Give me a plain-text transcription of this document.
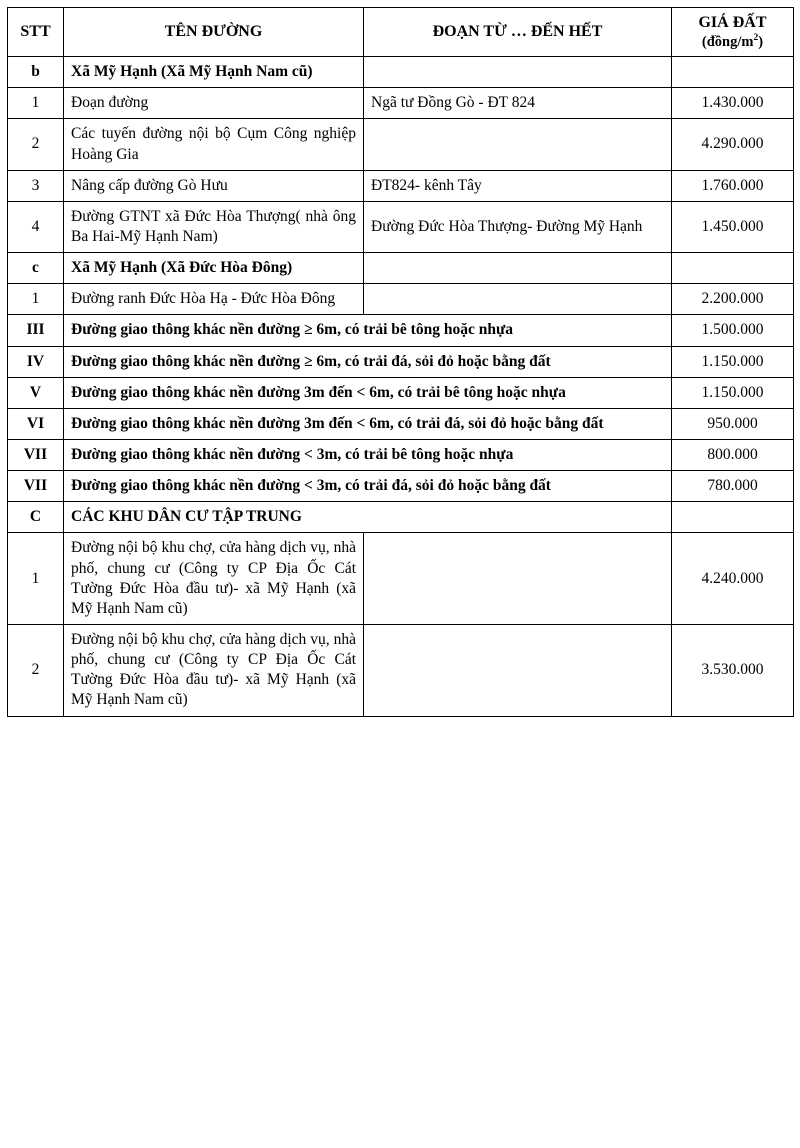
STT	TÊN ĐƯỜNG	ĐOẠN TỪ … ĐẾN HẾT	GIÁ ĐẤT
$(đồng/m^2)$

b	Xã Mỹ Hạnh (Xã Mỹ Hạnh Nam cũ)		
1	Đoạn đường	Ngã tư Đồng Gò - ĐT 824	1.430.000
2	Các tuyến đường nội bộ Cụm Công nghiệp Hoàng Gia		4.290.000
3	Nâng cấp đường Gò Hưu	ĐT824- kênh Tây	1.760.000
4	Đường GTNT xã Đức Hòa Thượng( nhà ông Ba Hai-Mỹ Hạnh Nam)	Đường Đức Hòa Thượng- Đường Mỹ Hạnh	1.450.000
c	Xã Mỹ Hạnh (Xã Đức Hòa Đông)		
1	Đường ranh Đức Hòa Hạ - Đức Hòa Đông		2.200.000
III	Đường giao thông khác nền đường ≥ 6m, có trải bê tông hoặc nhựa		1.500.000
IV	Đường giao thông khác nền đường ≥ 6m, có trải đá, sỏi đỏ hoặc bằng đất		1.150.000
V	Đường giao thông khác nền đường 3m đến < 6m, có trải bê tông hoặc nhựa		1.150.000
VI	Đường giao thông khác nền đường 3m đến < 6m, có trải đá, sỏi đỏ hoặc bằng đất		950.000
VII	Đường giao thông khác nền đường < 3m, có trải bê tông hoặc nhựa		800.000
VII	Đường giao thông khác nền đường < 3m, có trải đá, sỏi đỏ hoặc bằng đất		780.000
C	CÁC KHU DÂN CƯ TẬP TRUNG		
1	Đường nội bộ khu chợ, cửa hàng dịch vụ, nhà phố, chung cư (Công ty CP Địa Ốc Cát Tường Đức Hòa đầu tư)- xã Mỹ Hạnh (xã Mỹ Hạnh Nam cũ)		4.240.000
2	Đường nội bộ khu chợ, cửa hàng dịch vụ, nhà phố, chung cư (Công ty CP Địa Ốc Cát Tường Đức Hòa đầu tư)- xã Mỹ Hạnh (xã Mỹ Hạnh Nam cũ)		3.530.000
